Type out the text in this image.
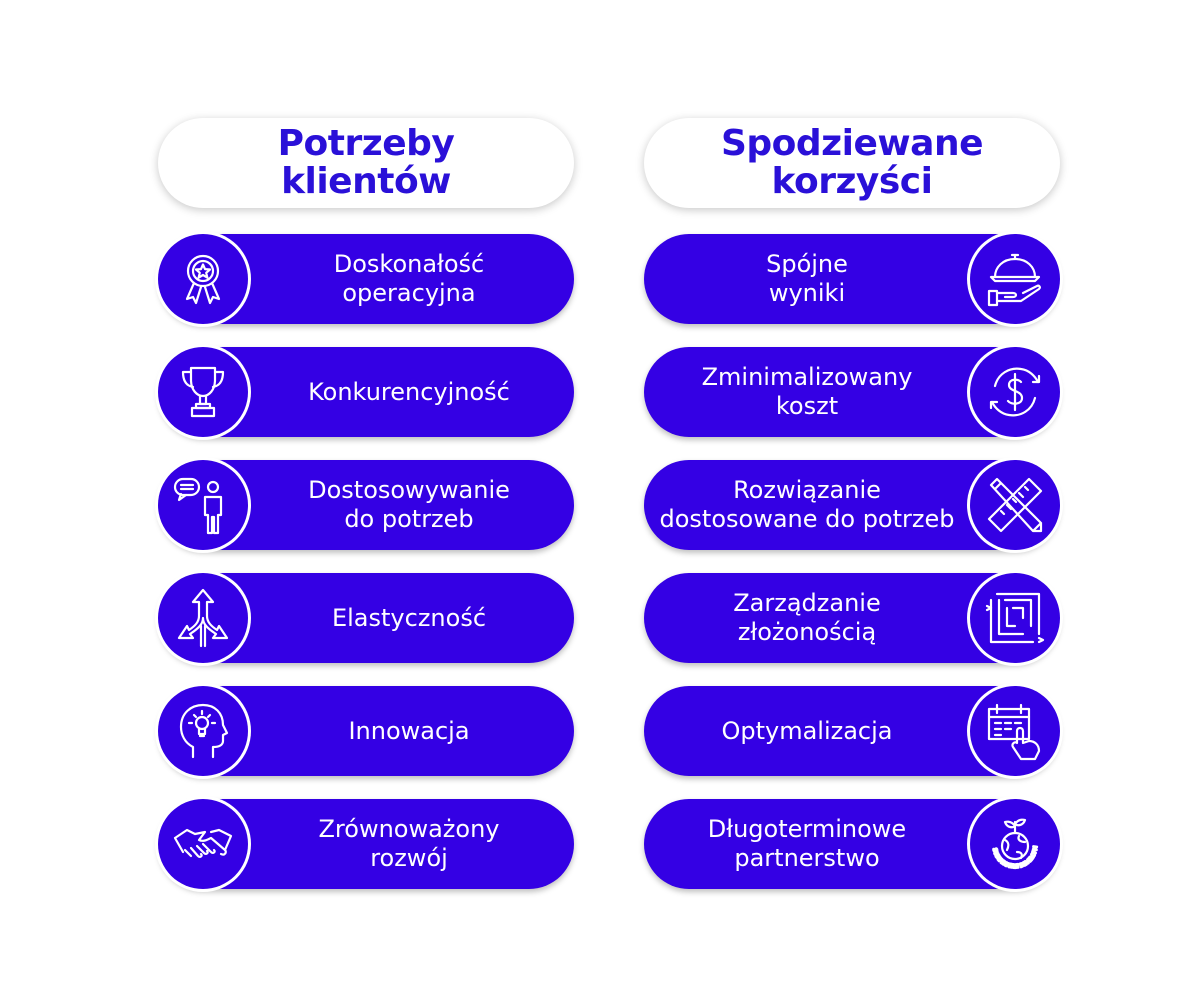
Potrzeby
klientów
Doskonałość
operacyjna
Konkurencyjność
Dostosowywanie
do potrzeb
Elastyczność
Innowacja
Zrównoważony
rozwój
Spodziewane
korzyści
Spójne
wyniki
Zminimalizowany
koszt
Rozwiązanie
dostosowane do potrzeb
Zarządzanie
złożonością
Optymalizacja
Długoterminowe
partnerstwo	SUSTAINABLE DEVELOPM
